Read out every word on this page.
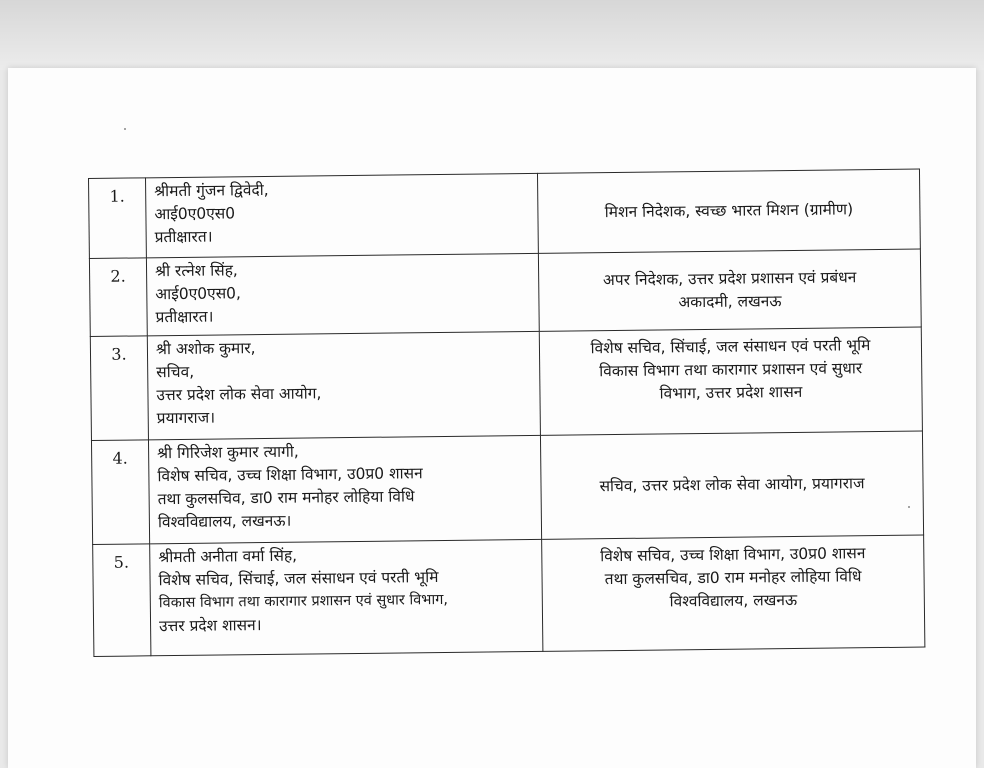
1.	श्रीमती गुंजन द्विवेदी,
आई0ए0एस0
प्रतीक्षारत।	मिशन निदेशक, स्वच्छ भारत मिशन (ग्रामीण)

2.	श्री रत्नेश सिंह,
आई0ए0एस0,
प्रतीक्षारत।	अपर निदेशक, उत्तर प्रदेश प्रशासन एवं प्रबंधन
अकादमी, लखनऊ

3.	श्री अशोक कुमार,
सचिव,
उत्तर प्रदेश लोक सेवा आयोग,
प्रयागराज।	विशेष सचिव, सिंचाई, जल संसाधन एवं परती भूमि
विकास विभाग तथा कारागार प्रशासन एवं सुधार
विभाग, उत्तर प्रदेश शासन

4.	श्री गिरिजेश कुमार त्यागी,
विशेष सचिव, उच्च शिक्षा विभाग, उ0प्र0 शासन
तथा कुलसचिव, डा0 राम मनोहर लोहिया विधि
विश्वविद्यालय, लखनऊ।	सचिव, उत्तर प्रदेश लोक सेवा आयोग, प्रयागराज

5.	श्रीमती अनीता वर्मा सिंह,
विशेष सचिव, सिंचाई, जल संसाधन एवं परती भूमि
विकास विभाग तथा कारागार प्रशासन एवं सुधार विभाग,
उत्तर प्रदेश शासन।	विशेष सचिव, उच्च शिक्षा विभाग, उ0प्र0 शासन
तथा कुलसचिव, डा0 राम मनोहर लोहिया विधि
विश्वविद्यालय, लखनऊ
